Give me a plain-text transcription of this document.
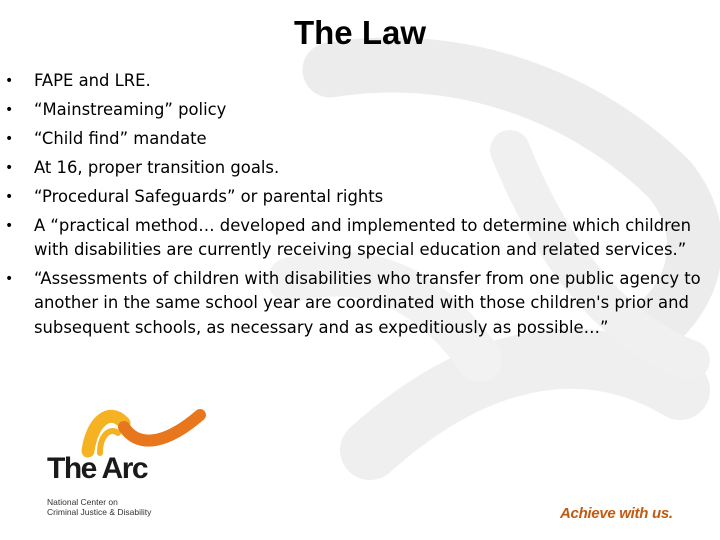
The Law
• FAPE and LRE.
• “Mainstreaming” policy
• “Child find” mandate
• At 16, proper transition goals.
• “Procedural Safeguards” or parental rights
• A “practical method… developed and implemented to determine which children with disabilities are currently receiving special education and related services.”
• “Assessments of children with disabilities who transfer from one public agency to another in the same school year are coordinated with those children's prior and subsequent schools, as necessary and as expeditiously as possible…”
The Arc
National Center on
Criminal Justice & Disability	Achieve with us.
